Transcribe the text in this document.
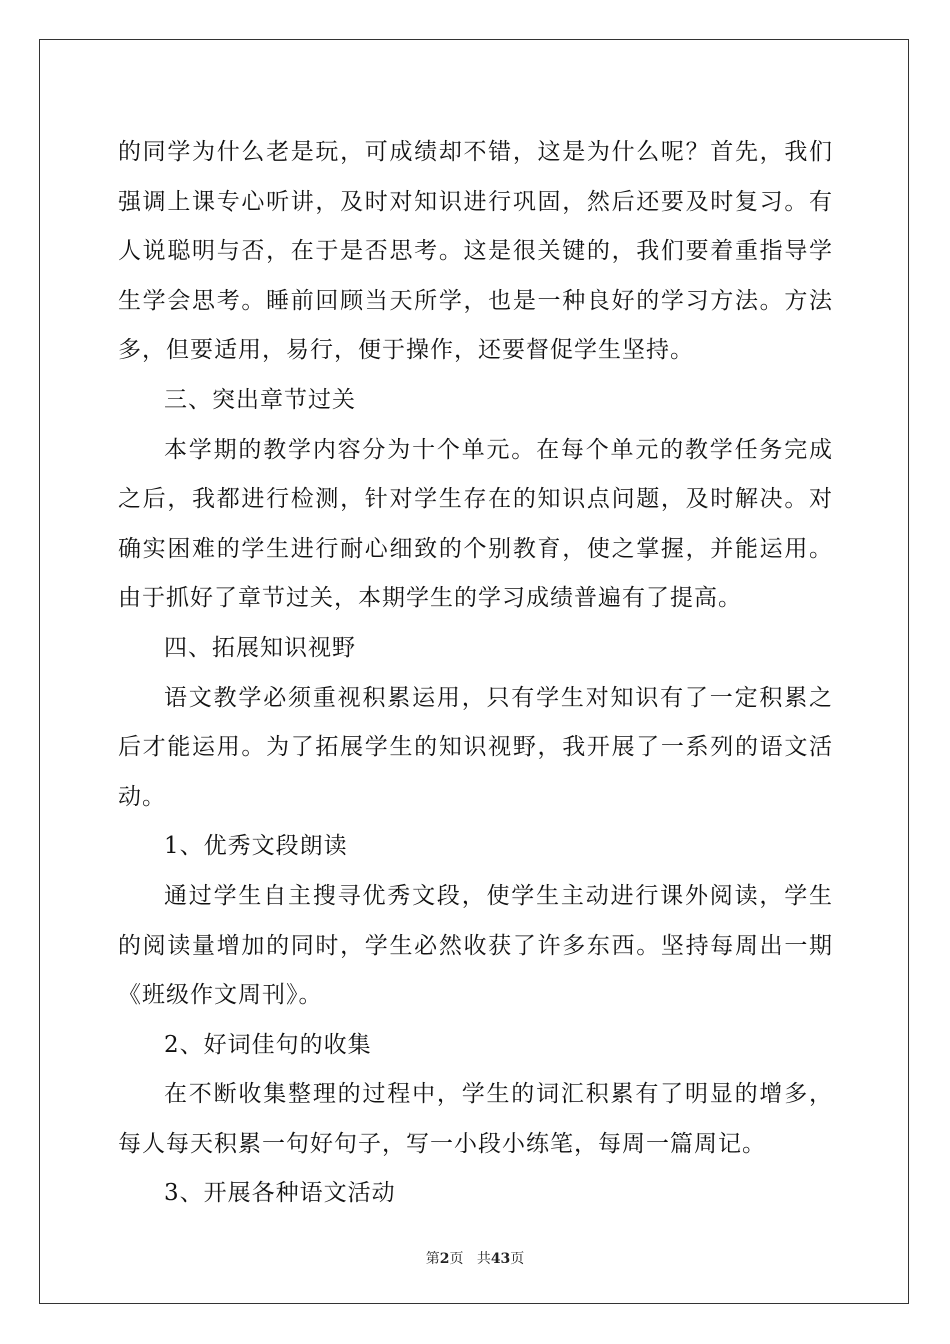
的同学为什么老是玩，可成绩却不错，这是为什么呢？首先，我们强调上课专心听讲，及时对知识进行巩固，然后还要及时复习。有人说聪明与否，在于是否思考。这是很关键的，我们要着重指导学生学会思考。睡前回顾当天所学，也是一种良好的学习方法。方法多，但要适用，易行，便于操作，还要督促学生坚持。

三、突出章节过关

本学期的教学内容分为十个单元。在每个单元的教学任务完成之后，我都进行检测，针对学生存在的知识点问题，及时解决。对确实困难的学生进行耐心细致的个别教育，使之掌握，并能运用。由于抓好了章节过关，本期学生的学习成绩普遍有了提高。

四、拓展知识视野

语文教学必须重视积累运用，只有学生对知识有了一定积累之后才能运用。为了拓展学生的知识视野，我开展了一系列的语文活动。

1、优秀文段朗读

通过学生自主搜寻优秀文段，使学生主动进行课外阅读，学生的阅读量增加的同时，学生必然收获了许多东西。坚持每周出一期《班级作文周刊》。

2、好词佳句的收集

在不断收集整理的过程中，学生的词汇积累有了明显的增多，每人每天积累一句好句子，写一小段小练笔，每周一篇周记。

3、开展各种语文活动

第2页 共43页
